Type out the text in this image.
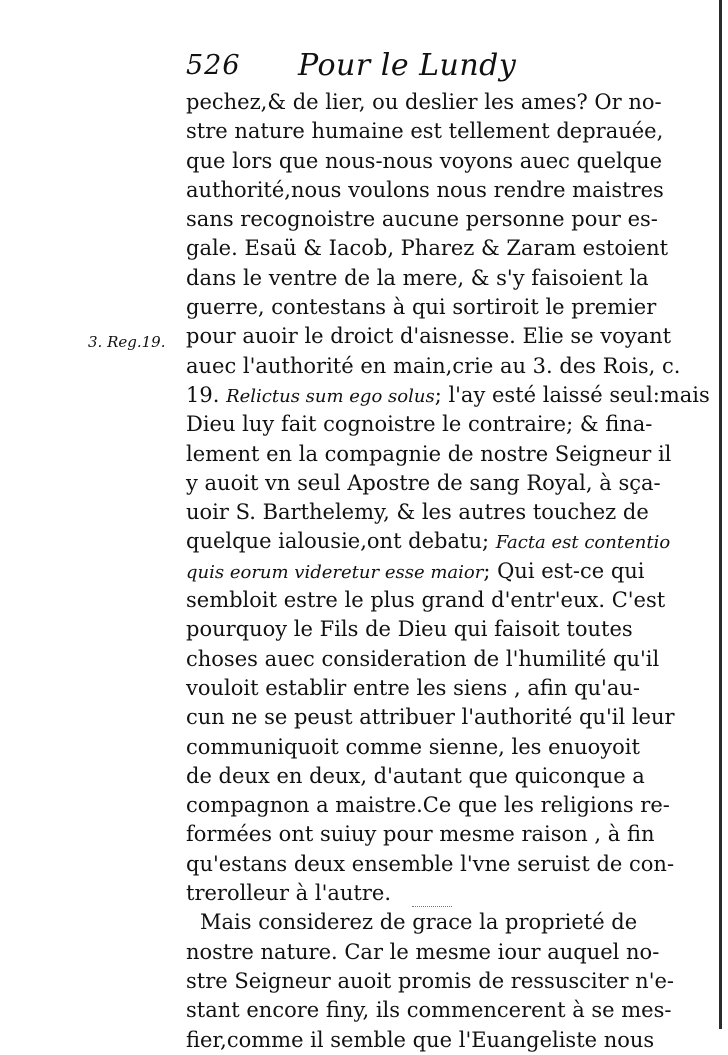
526 Pour le Lundy
3. Reg.19.
pechez,& de lier, ou deslier les ames? Or no-
stre nature humaine est tellement deprauée,
que lors que nous-nous voyons auec quelque
authorité,nous voulons nous rendre maistres
sans recognoistre aucune personne pour es-
gale. Esaü & Iacob, Pharez & Zaram estoient
dans le ventre de la mere, & s'y faisoient la
guerre, contestans à qui sortiroit le premier
pour auoir le droict d'aisnesse. Elie se voyant
auec l'authorité en main,crie au 3. des Rois, c.
19. Relictus sum ego solus; l'ay esté laissé seul:mais
Dieu luy fait cognoistre le contraire; & fina-
lement en la compagnie de nostre Seigneur il
y auoit vn seul Apostre de sang Royal, à sça-
uoir S. Barthelemy, & les autres touchez de
quelque ialousie,ont debatu; Facta est contentio
quis eorum videretur esse maior; Qui est-ce qui
sembloit estre le plus grand d'entr'eux. C'est
pourquoy le Fils de Dieu qui faisoit toutes
choses auec consideration de l'humilité qu'il
vouloit establir entre les siens , afin qu'au-
cun ne se peust attribuer l'authorité qu'il leur
communiquoit comme sienne, les enuoyoit
de deux en deux, d'autant que quiconque a
compagnon a maistre.Ce que les religions re-
formées ont suiuy pour mesme raison , à fin
qu'estans deux ensemble l'vne seruist de con-
trerolleur à l'autre.
Mais considerez de grace la proprieté de
nostre nature. Car le mesme iour auquel no-
stre Seigneur auoit promis de ressusciter n'e-
stant encore finy, ils commencerent à se mes-
fier,comme il semble que l'Euangeliste nous
